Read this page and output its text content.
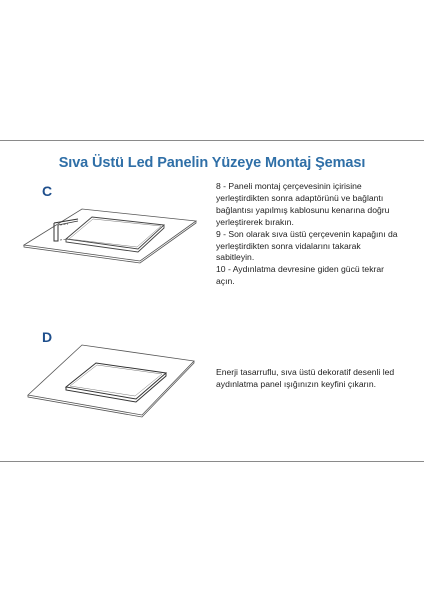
Sıva Üstü Led Panelin Yüzeye Montaj Şeması
C	8 - Paneli montaj çerçevesinin içirisine

yerleştirdikten sonra adaptörünü ve bağlantı

bağlantısı yapılmış kablosunu kenarına doğru

yerleştirerek bırakın.

9 - Son olarak sıva üstü çerçevenin kapağını da

yerleştirdikten sonra vidalarını takarak

sabitleyin.

10 - Aydınlatma devresine giden gücü tekrar

açın.

D

Enerji tasarruflu, sıva üstü dekoratif desenli led

aydınlatma panel ışığınızın keyfini çıkarın.
